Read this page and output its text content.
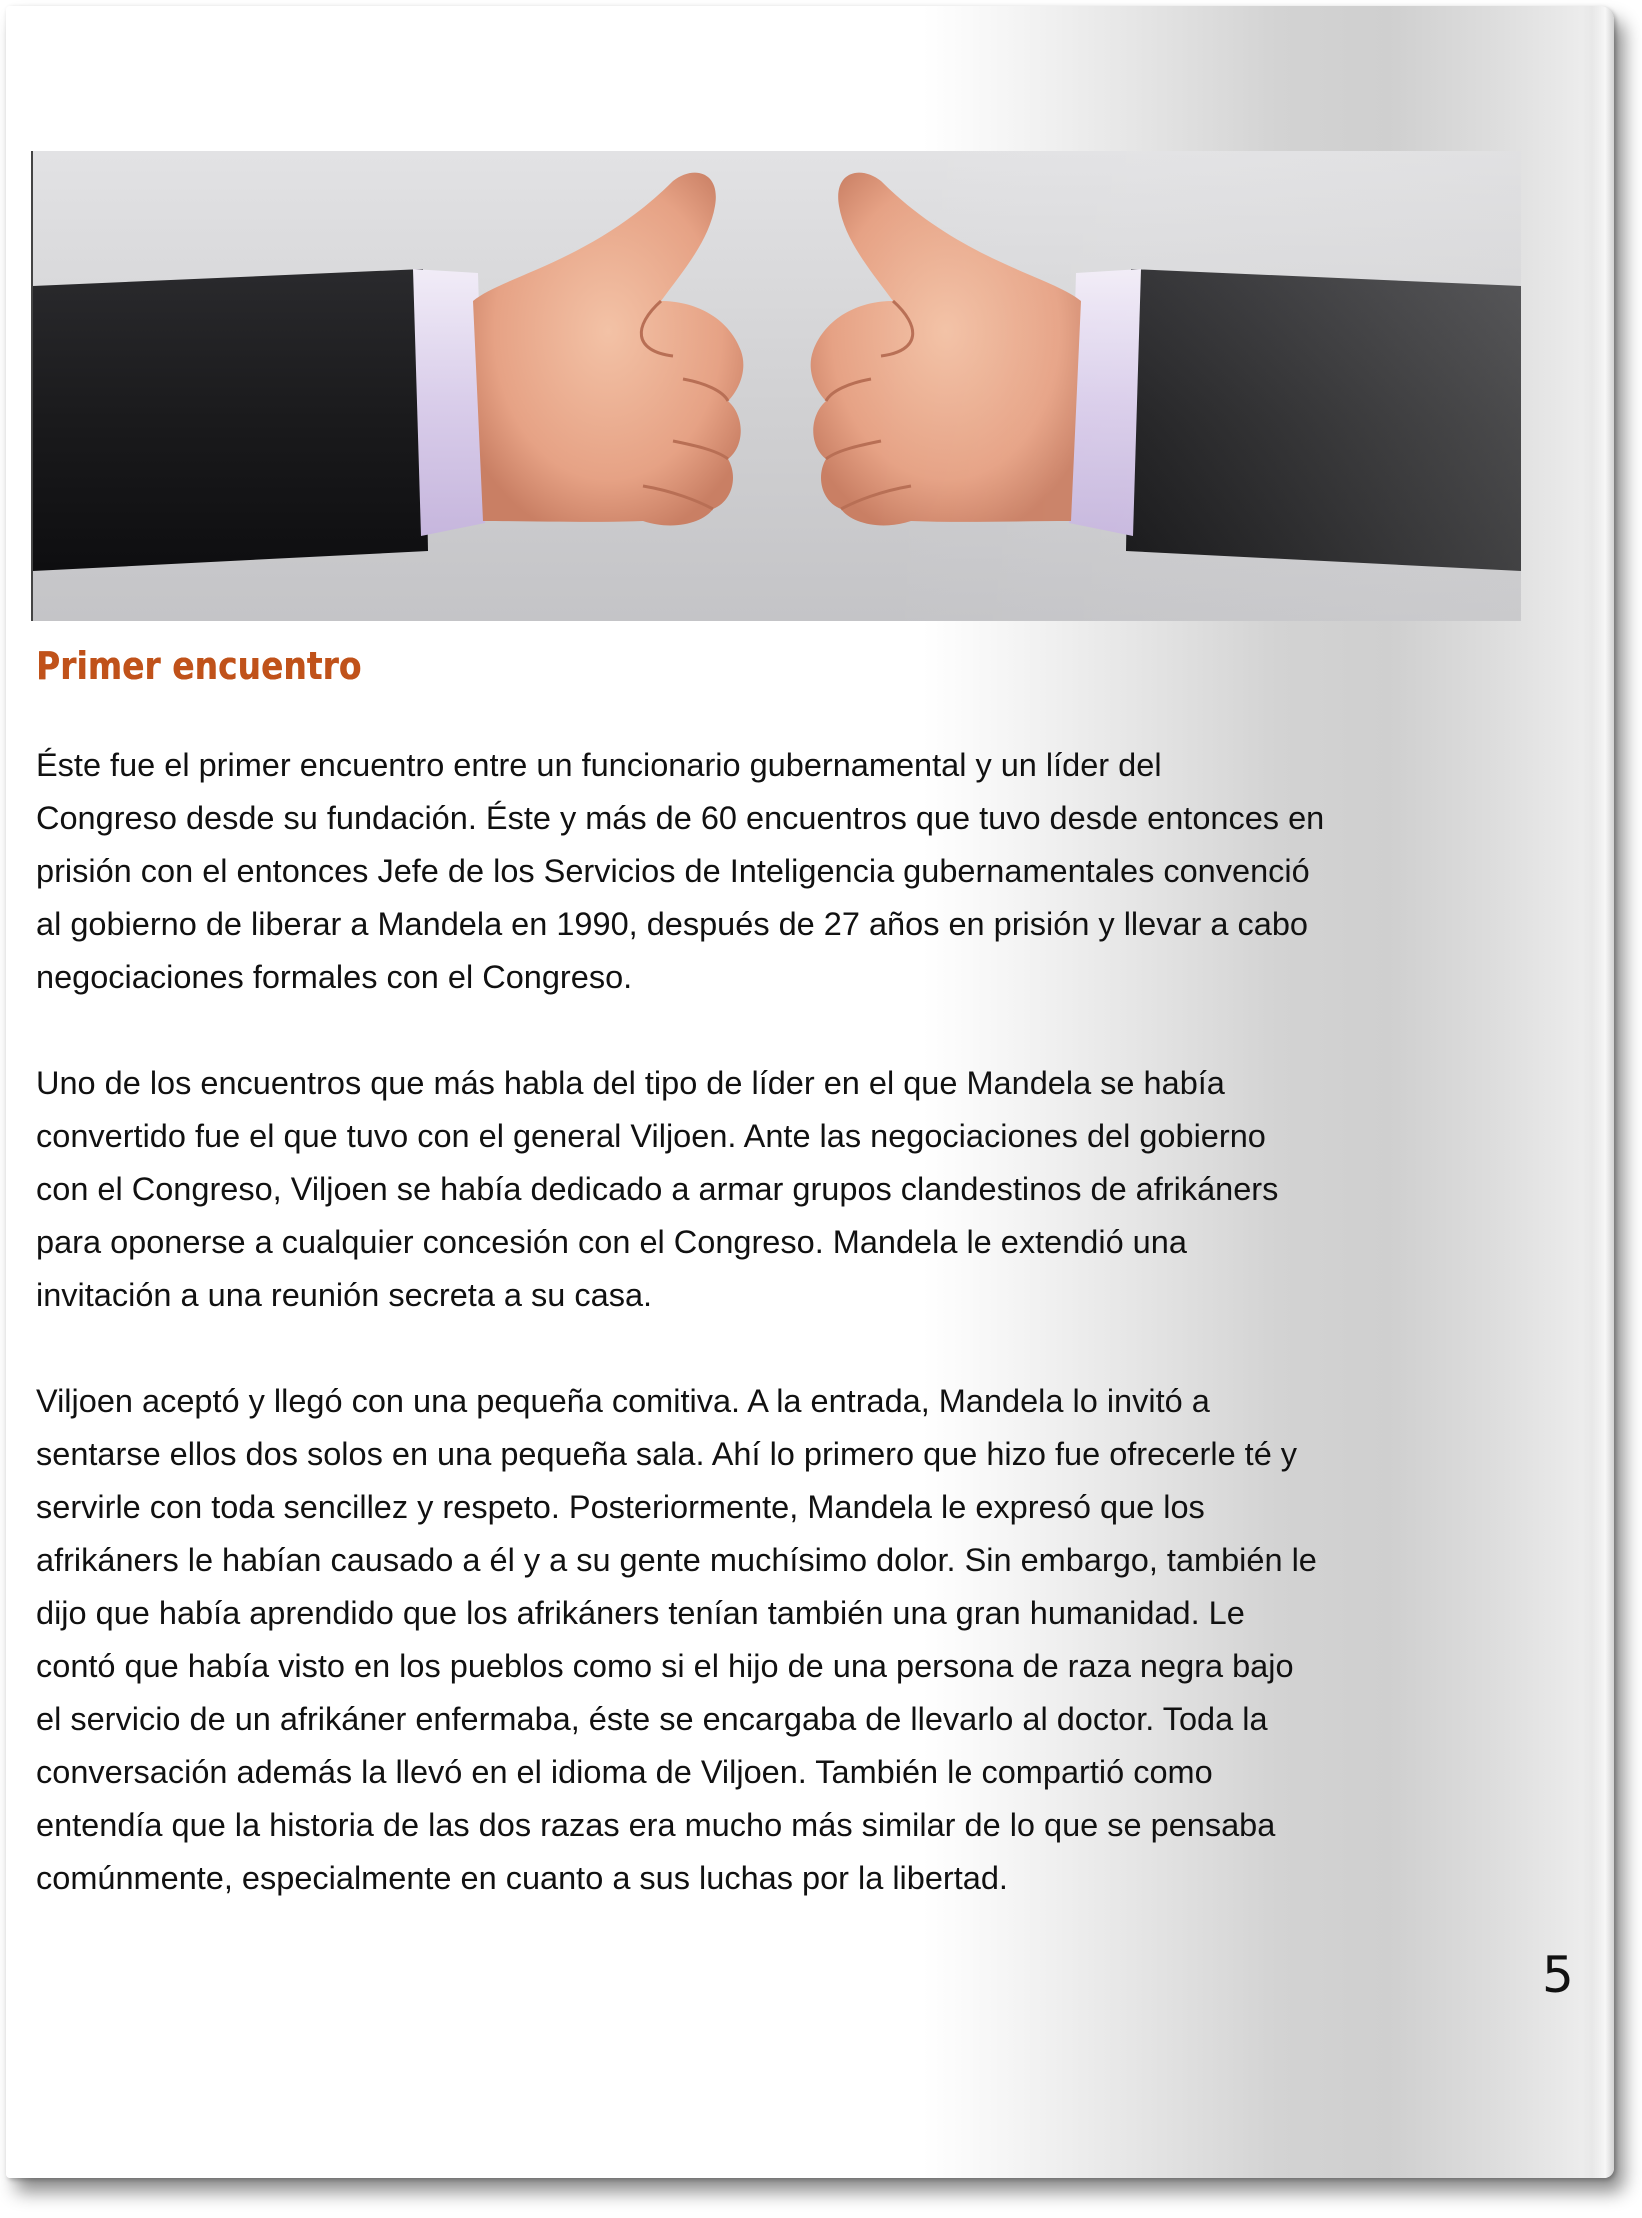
Primer encuentro

Éste fue el primer encuentro entre un funcionario gubernamental y un líder del
Congreso desde su fundación. Éste y más de 60 encuentros que tuvo desde entonces en
prisión con el entonces Jefe de los Servicios de Inteligencia gubernamentales convenció
al gobierno de liberar a Mandela en 1990, después de 27 años en prisión y llevar a cabo
negociaciones formales con el Congreso.

Uno de los encuentros que más habla del tipo de líder en el que Mandela se había
convertido fue el que tuvo con el general Viljoen. Ante las negociaciones del gobierno
con el Congreso, Viljoen se había dedicado a armar grupos clandestinos de afrikáners
para oponerse a cualquier concesión con el Congreso. Mandela le extendió una
invitación a una reunión secreta a su casa.

Viljoen aceptó y llegó con una pequeña comitiva. A la entrada, Mandela lo invitó a
sentarse ellos dos solos en una pequeña sala. Ahí lo primero que hizo fue ofrecerle té y
servirle con toda sencillez y respeto. Posteriormente, Mandela le expresó que los
afrikáners le habían causado a él y a su gente muchísimo dolor. Sin embargo, también le
dijo que había aprendido que los afrikáners tenían también una gran humanidad. Le
contó que había visto en los pueblos como si el hijo de una persona de raza negra bajo
el servicio de un afrikáner enfermaba, éste se encargaba de llevarlo al doctor. Toda la
conversación además la llevó en el idioma de Viljoen. También le compartió como
entendía que la historia de las dos razas era mucho más similar de lo que se pensaba
comúnmente, especialmente en cuanto a sus luchas por la libertad.

5
